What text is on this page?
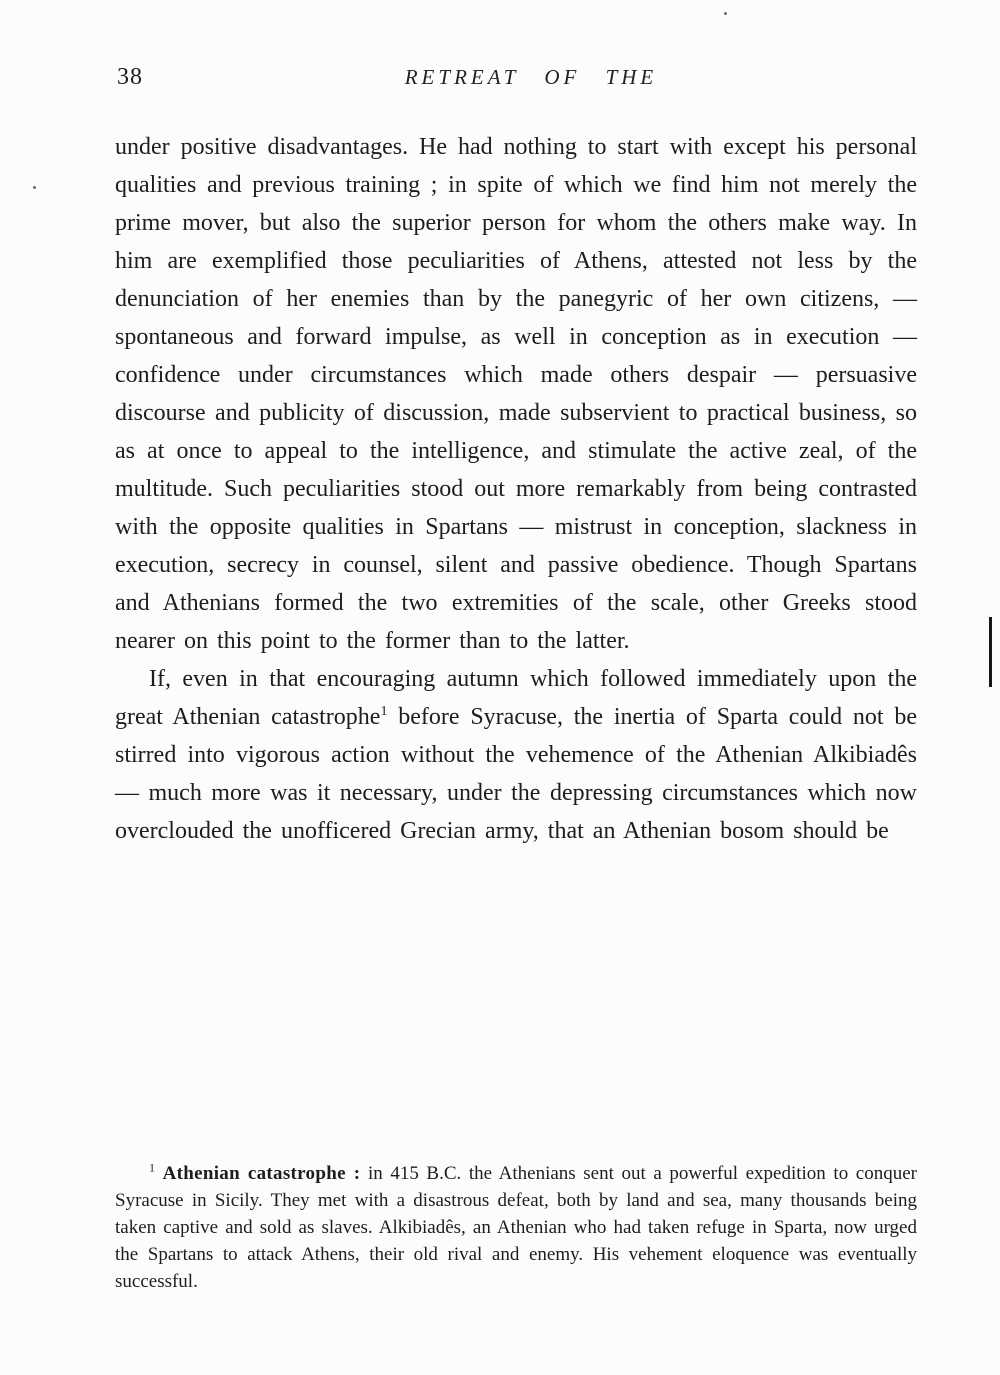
38	RETREAT OF THE

under positive disadvantages. He had nothing to start with except his personal qualities and previous training ; in spite of which we find him not merely the prime mover, but also the superior person for whom the others make way. In him are exemplified those peculiarities of Athens, attested not less by the denunciation of her enemies than by the panegyric of her own citizens, — spontaneous and forward impulse, as well in conception as in execution — confidence under circumstances which made others despair — persuasive discourse and publicity of discussion, made subservient to practical business, so as at once to appeal to the intelligence, and stimulate the active zeal, of the multitude. Such peculiarities stood out more remarkably from being contrasted with the opposite qualities in Spartans — mistrust in conception, slackness in execution, secrecy in counsel, silent and passive obedience. Though Spartans and Athenians formed the two extremities of the scale, other Greeks stood nearer on this point to the former than to the latter.

If, even in that encouraging autumn which followed immediately upon the great Athenian catastrophe$^1$ before Syracuse, the inertia of Sparta could not be stirred into vigorous action without the vehemence of the Athenian Alkibiadês — much more was it necessary, under the depressing circumstances which now overclouded the unofficered Grecian army, that an Athenian bosom should be

$^1$ Athenian catastrophe : in 415 B.C. the Athenians sent out a powerful expedition to conquer Syracuse in Sicily. They met with a disastrous defeat, both by land and sea, many thousands being taken captive and sold as slaves. Alkibiadês, an Athenian who had taken refuge in Sparta, now urged the Spartans to attack Athens, their old rival and enemy. His vehement eloquence was eventually successful.
